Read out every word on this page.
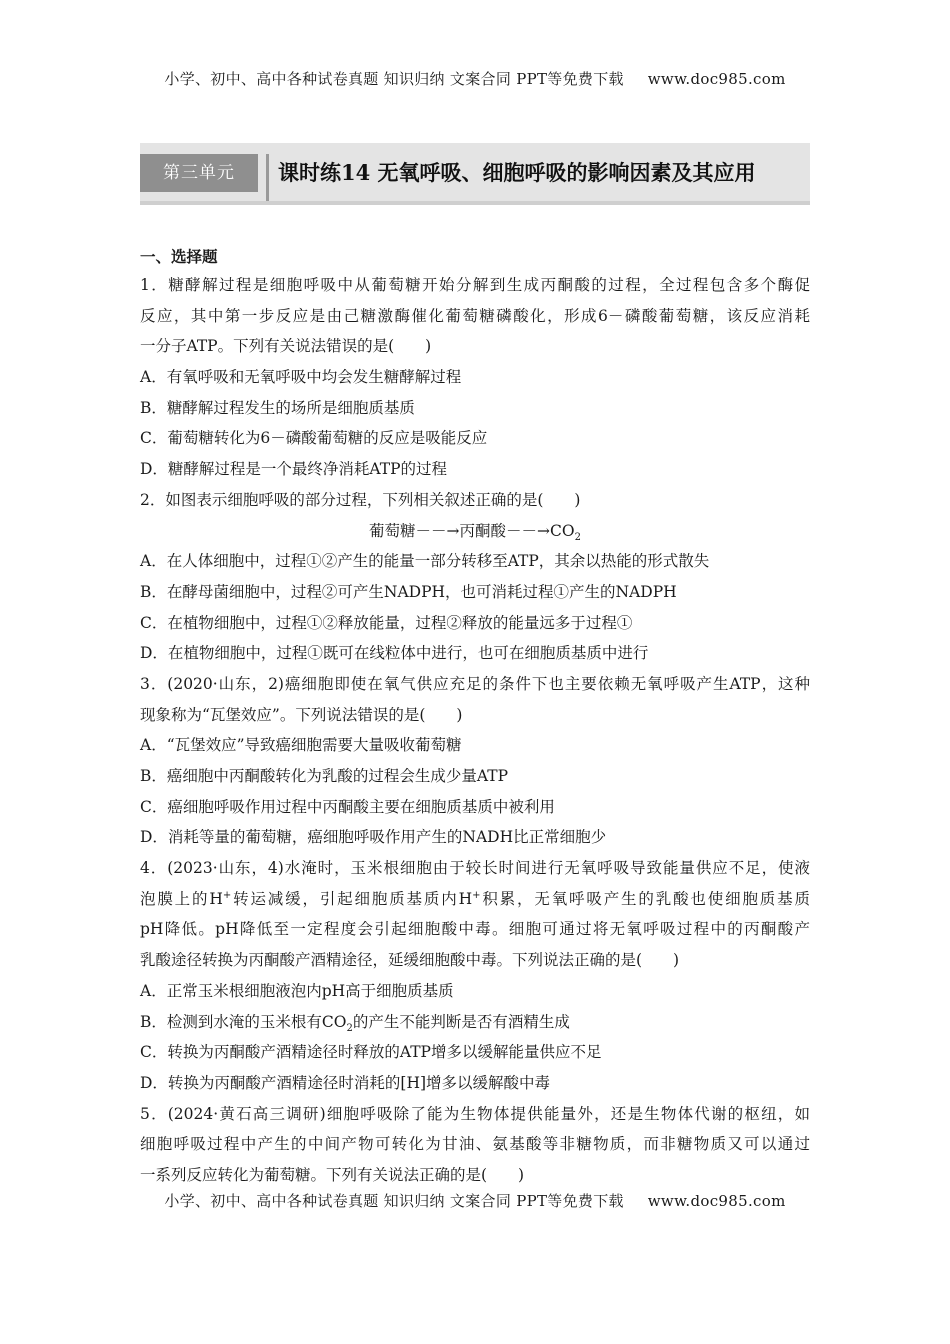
小学、初中、高中各种试卷真题 知识归纳 文案合同 PPT等免费下载 www.doc985.com
第三单元	课时练14 无氧呼吸、细胞呼吸的影响因素及其应用
一、选择题
1．糖酵解过程是细胞呼吸中从葡萄糖开始分解到生成丙酮酸的过程，全过程包含多个酶促
反应，其中第一步反应是由己糖激酶催化葡萄糖磷酸化，形成6－磷酸葡萄糖，该反应消耗
一分子ATP。下列有关说法错误的是(　　)
A．有氧呼吸和无氧呼吸中均会发生糖酵解过程
B．糖酵解过程发生的场所是细胞质基质
C．葡萄糖转化为6－磷酸葡萄糖的反应是吸能反应
D．糖酵解过程是一个最终净消耗ATP的过程
2．如图表示细胞呼吸的部分过程，下列相关叙述正确的是(　　)
葡萄糖－－→丙酮酸$--\to CO_2$
A．在人体细胞中，过程①②产生的能量一部分转移至ATP，其余以热能的形式散失
B．在酵母菌细胞中，过程②可产生NADPH，也可消耗过程①产生的NADPH
C．在植物细胞中，过程①②释放能量，过程②释放的能量远多于过程①
D．在植物细胞中，过程①既可在线粒体中进行，也可在细胞质基质中进行
3．(2020·山东，2)癌细胞即使在氧气供应充足的条件下也主要依赖无氧呼吸产生ATP，这种
现象称为“瓦堡效应”。下列说法错误的是(　　)
A．“瓦堡效应”导致癌细胞需要大量吸收葡萄糖
B．癌细胞中丙酮酸转化为乳酸的过程会生成少量ATP
C．癌细胞呼吸作用过程中丙酮酸主要在细胞质基质中被利用
D．消耗等量的葡萄糖，癌细胞呼吸作用产生的NADH比正常细胞少
4．(2023·山东，4)水淹时，玉米根细胞由于较长时间进行无氧呼吸导致能量供应不足，使液
泡膜上的H+转运减缓，引起细胞质基质内H+积累，无氧呼吸产生的乳酸也使细胞质基质
pH降低。pH降低至一定程度会引起细胞酸中毒。细胞可通过将无氧呼吸过程中的丙酮酸产
乳酸途径转换为丙酮酸产酒精途径，延缓细胞酸中毒。下列说法正确的是(　　)
A．正常玉米根细胞液泡内pH高于细胞质基质
B．检测到水淹的玉米根有$CO_2$的产生不能判断是否有酒精生成
C．转换为丙酮酸产酒精途径时释放的ATP增多以缓解能量供应不足
D．转换为丙酮酸产酒精途径时消耗的[H]增多以缓解酸中毒
5．(2024·黄石高三调研)细胞呼吸除了能为生物体提供能量外，还是生物体代谢的枢纽，如
细胞呼吸过程中产生的中间产物可转化为甘油、氨基酸等非糖物质，而非糖物质又可以通过
一系列反应转化为葡萄糖。下列有关说法正确的是(　　)
小学、初中、高中各种试卷真题 知识归纳 文案合同 PPT等免费下载 www.doc985.com
